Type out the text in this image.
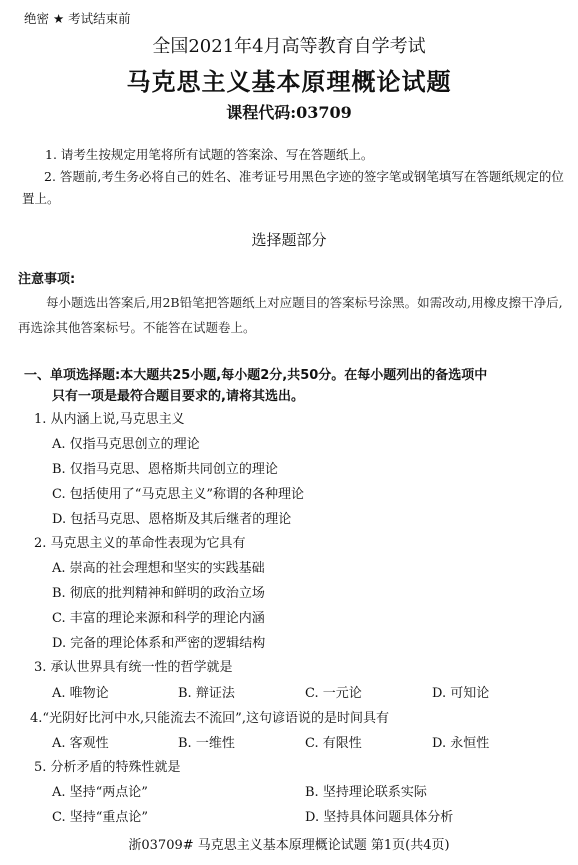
绝密 ★ 考试结束前
全国2021年4月高等教育自学考试
马克思主义基本原理概论试题
课程代码:03709
1. 请考生按规定用笔将所有试题的答案涂、写在答题纸上。
2. 答题前,考生务必将自己的姓名、准考证号用黑色字迹的签字笔或钢笔填写在答题纸规定的位置上。
选择题部分
注意事项:
每小题选出答案后,用2B铅笔把答题纸上对应题目的答案标号涂黑。如需改动,用橡皮擦干净后,再选涂其他答案标号。不能答在试题卷上。
一、单项选择题:本大题共25小题,每小题2分,共50分。在每小题列出的备选项中
只有一项是最符合题目要求的,请将其选出。
1. 从内涵上说,马克思主义
A. 仅指马克思创立的理论
B. 仅指马克思、恩格斯共同创立的理论
C. 包括使用了“马克思主义”称谓的各种理论
D. 包括马克思、恩格斯及其后继者的理论
2. 马克思主义的革命性表现为它具有
A. 崇高的社会理想和坚实的实践基础
B. 彻底的批判精神和鲜明的政治立场
C. 丰富的理论来源和科学的理论内涵
D. 完备的理论体系和严密的逻辑结构
3. 承认世界具有统一性的哲学就是
A. 唯物论	B. 辩证法	C. 一元论	D. 可知论
4.“光阴好比河中水,只能流去不流回”,这句谚语说的是时间具有
A. 客观性	B. 一维性	C. 有限性	D. 永恒性
5. 分析矛盾的特殊性就是
A. 坚持“两点论”	B. 坚持理论联系实际
C. 坚持“重点论”	D. 坚持具体问题具体分析
浙03709# 马克思主义基本原理概论试题 第1页(共4页)
